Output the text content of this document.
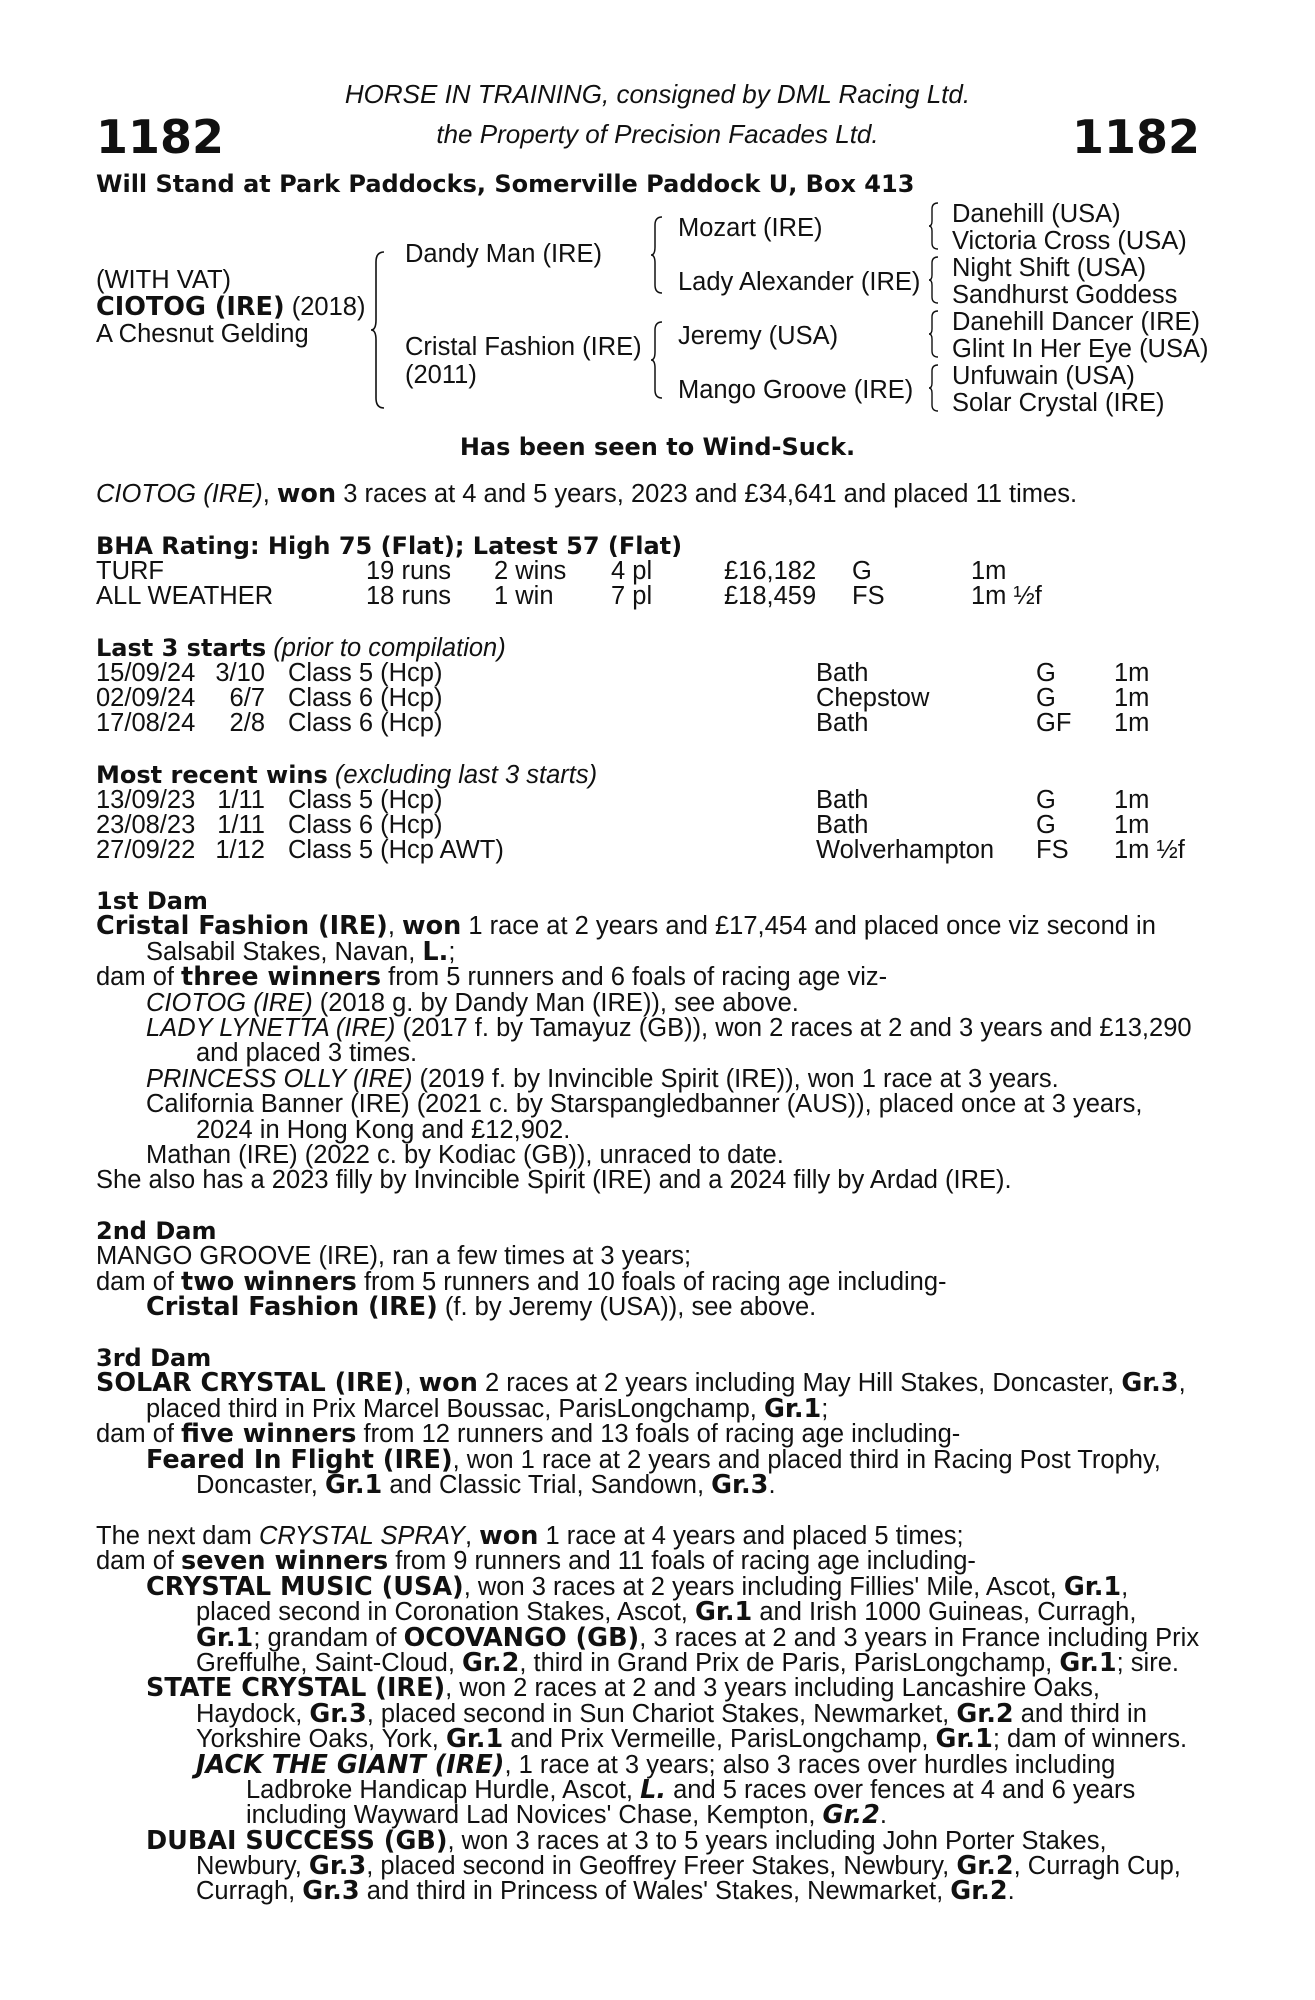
1182	1182
HORSE IN TRAINING, consigned by DML Racing Ltd.
the Property of Precision Facades Ltd.
Will Stand at Park Paddocks, Somerville Paddock U, Box 413
(WITH VAT)
CIOTOG (IRE) (2018)
A Chesnut Gelding
Dandy Man (IRE)
Cristal Fashion (IRE)
(2011)
Mozart (IRE)
Lady Alexander (IRE)
Jeremy (USA)
Mango Groove (IRE)
Danehill (USA)
Victoria Cross (USA)
Night Shift (USA)
Sandhurst Goddess
Danehill Dancer (IRE)
Glint In Her Eye (USA)
Unfuwain (USA)
Solar Crystal (IRE)
Has been seen to Wind-Suck.
CIOTOG (IRE), won 3 races at 4 and 5 years, 2023 and £34,641 and placed 11 times.
BHA Rating: High 75 (Flat); Latest 57 (Flat)
TURF	19 runs 2 wins 4 pl	£16,182 G	1m
ALL WEATHER	18 runs 1 win 7 pl	£18,459 FS	1m ½f
Last 3 starts (prior to compilation)
15/09/24 3/10 Class 5 (Hcp)	Bath	G 1m
02/09/24 6/7 Class 6 (Hcp)	Chepstow	G 1m
17/08/24 2/8 Class 6 (Hcp)	Bath	GF 1m
Most recent wins (excluding last 3 starts)
13/09/23 1/11 Class 5 (Hcp)	Bath	G 1m
23/08/23 1/11 Class 6 (Hcp)	Bath	G 1m
27/09/22 1/12 Class 5 (Hcp AWT)	Wolverhampton FS 1m ½f
1st Dam
Cristal Fashion (IRE), won 1 race at 2 years and £17,454 and placed once viz second in
Salsabil Stakes, Navan, L.;
dam of three winners from 5 runners and 6 foals of racing age viz-
CIOTOG (IRE) (2018 g. by Dandy Man (IRE)), see above.
LADY LYNETTA (IRE) (2017 f. by Tamayuz (GB)), won 2 races at 2 and 3 years and £13,290
and placed 3 times.
PRINCESS OLLY (IRE) (2019 f. by Invincible Spirit (IRE)), won 1 race at 3 years.
California Banner (IRE) (2021 c. by Starspangledbanner (AUS)), placed once at 3 years,
2024 in Hong Kong and £12,902.
Mathan (IRE) (2022 c. by Kodiac (GB)), unraced to date.
She also has a 2023 filly by Invincible Spirit (IRE) and a 2024 filly by Ardad (IRE).
2nd Dam
MANGO GROOVE (IRE), ran a few times at 3 years;
dam of two winners from 5 runners and 10 foals of racing age including-
Cristal Fashion (IRE) (f. by Jeremy (USA)), see above.
3rd Dam
SOLAR CRYSTAL (IRE), won 2 races at 2 years including May Hill Stakes, Doncaster, Gr.3,
placed third in Prix Marcel Boussac, ParisLongchamp, Gr.1;
dam of five winners from 12 runners and 13 foals of racing age including-
Feared In Flight (IRE), won 1 race at 2 years and placed third in Racing Post Trophy,
Doncaster, Gr.1 and Classic Trial, Sandown, Gr.3.
The next dam CRYSTAL SPRAY, won 1 race at 4 years and placed 5 times;
dam of seven winners from 9 runners and 11 foals of racing age including-
CRYSTAL MUSIC (USA), won 3 races at 2 years including Fillies' Mile, Ascot, Gr.1,
placed second in Coronation Stakes, Ascot, Gr.1 and Irish 1000 Guineas, Curragh,
Gr.1; grandam of OCOVANGO (GB), 3 races at 2 and 3 years in France including Prix
Greffulhe, Saint-Cloud, Gr.2, third in Grand Prix de Paris, ParisLongchamp, Gr.1; sire.
STATE CRYSTAL (IRE), won 2 races at 2 and 3 years including Lancashire Oaks,
Haydock, Gr.3, placed second in Sun Chariot Stakes, Newmarket, Gr.2 and third in
Yorkshire Oaks, York, Gr.1 and Prix Vermeille, ParisLongchamp, Gr.1; dam of winners.
JACK THE GIANT (IRE), 1 race at 3 years; also 3 races over hurdles including
Ladbroke Handicap Hurdle, Ascot, L. and 5 races over fences at 4 and 6 years
including Wayward Lad Novices' Chase, Kempton, Gr.2.
DUBAI SUCCESS (GB), won 3 races at 3 to 5 years including John Porter Stakes,
Newbury, Gr.3, placed second in Geoffrey Freer Stakes, Newbury, Gr.2, Curragh Cup,
Curragh, Gr.3 and third in Princess of Wales' Stakes, Newmarket, Gr.2.
